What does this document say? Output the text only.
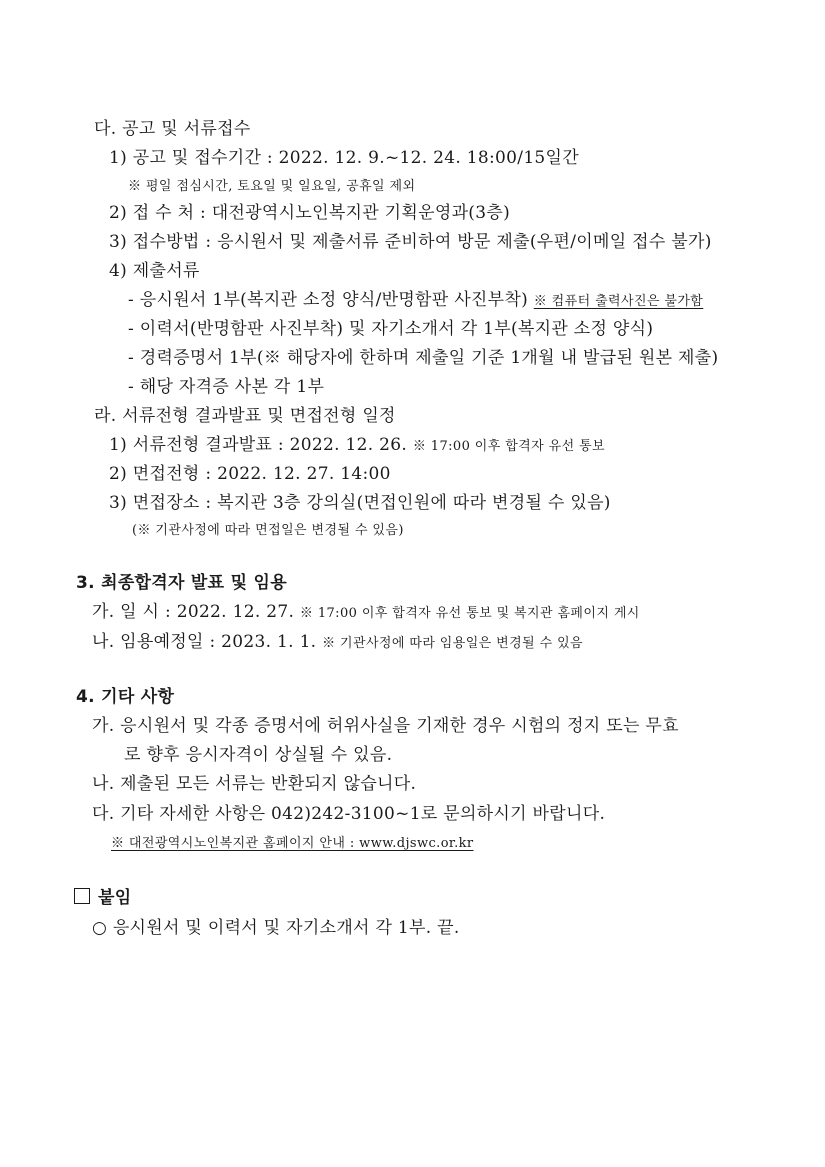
다. 공고 및 서류접수
1) 공고 및 접수기간 : 2022. 12. 9.~12. 24. 18:00/15일간
※ 평일 점심시간, 토요일 및 일요일, 공휴일 제외
2) 접 수 처 : 대전광역시노인복지관 기획운영과(3층)
3) 접수방법 : 응시원서 및 제출서류 준비하여 방문 제출(우편/이메일 접수 불가)
4) 제출서류
- 응시원서 1부(복지관 소정 양식/반명함판 사진부착) ※ 컴퓨터 출력사진은 불가함
- 이력서(반명함판 사진부착) 및 자기소개서 각 1부(복지관 소정 양식)
- 경력증명서 1부(※ 해당자에 한하며 제출일 기준 1개월 내 발급된 원본 제출)
- 해당 자격증 사본 각 1부
라. 서류전형 결과발표 및 면접전형 일정
1) 서류전형 결과발표 : 2022. 12. 26. ※ 17:00 이후 합격자 유선 통보
2) 면접전형 : 2022. 12. 27. 14:00
3) 면접장소 : 복지관 3층 강의실(면접인원에 따라 변경될 수 있음)
(※ 기관사정에 따라 면접일은 변경될 수 있음)
3. 최종합격자 발표 및 임용
가. 일 시 : 2022. 12. 27. ※ 17:00 이후 합격자 유선 통보 및 복지관 홈페이지 게시
나. 임용예정일 : 2023. 1. 1. ※ 기관사정에 따라 임용일은 변경될 수 있음
4. 기타 사항
가. 응시원서 및 각종 증명서에 허위사실을 기재한 경우 시험의 정지 또는 무효
로 향후 응시자격이 상실될 수 있음.
나. 제출된 모든 서류는 반환되지 않습니다.
다. 기타 자세한 사항은 042)242-3100~1로 문의하시기 바랍니다.
※ 대전광역시노인복지관 홈페이지 안내 : www.djswc.or.kr
붙임
○ 응시원서 및 이력서 및 자기소개서 각 1부. 끝.
